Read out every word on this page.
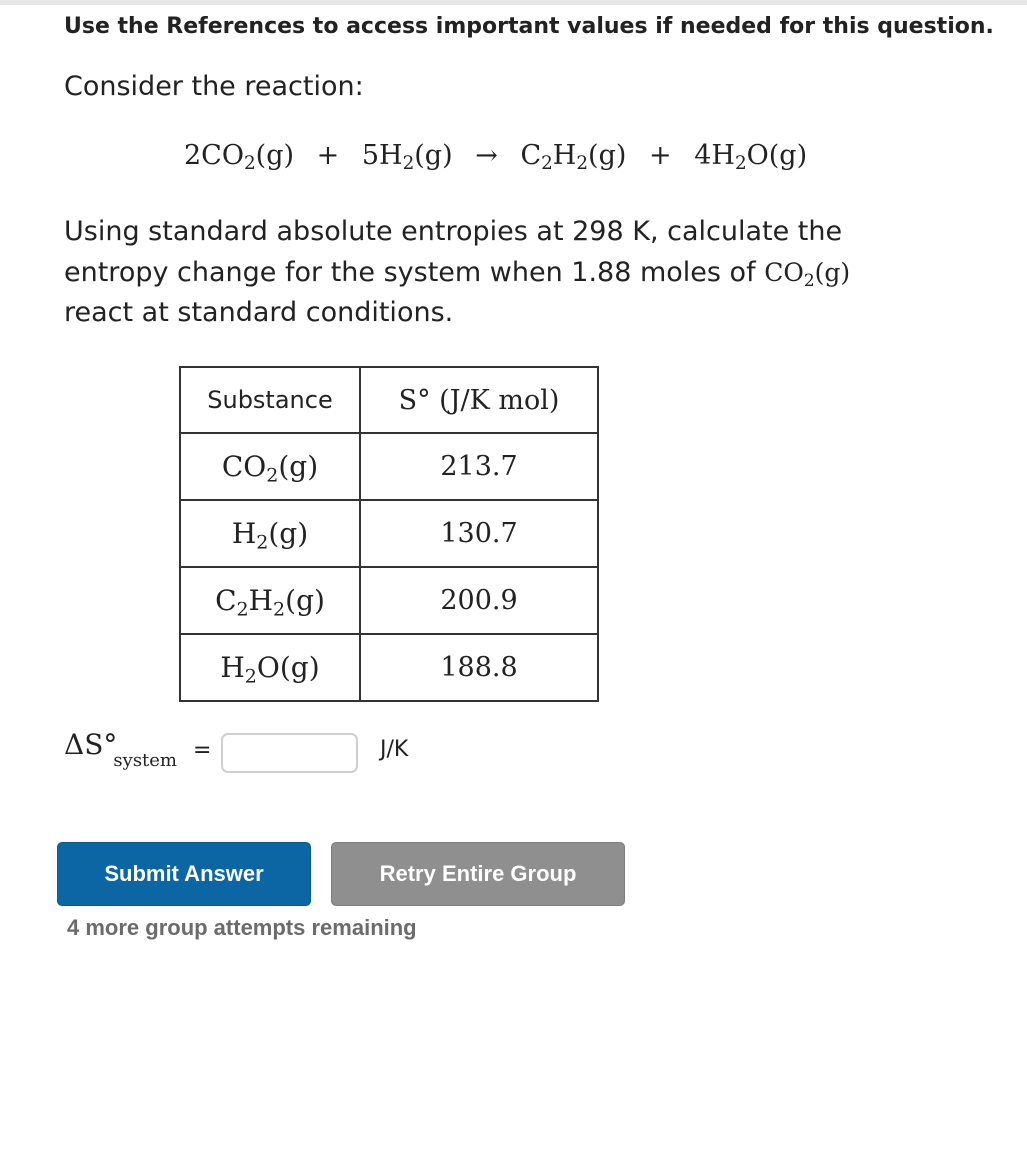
Use the References to access important values if needed for this question.
Consider the reaction:
$2CO_2(g) + 5H_2(g) \to C_2H_2(g) + 4H_2O(g)$
Using standard absolute entropies at 298 K, calculate the
entropy change for the system when 1.88 moles of $CO_2(g)$
react at standard conditions.
Substance	S° (J/K mol)
$CO_2(g)$	213.7
$H_2(g)$	130.7
$C_2H_2(g)$	200.9
$H_2O(g)$	188.8
$\Delta S^\circ_{system}$ =	J/K
Submit Answer	Retry Entire Group
4 more group attempts remaining
